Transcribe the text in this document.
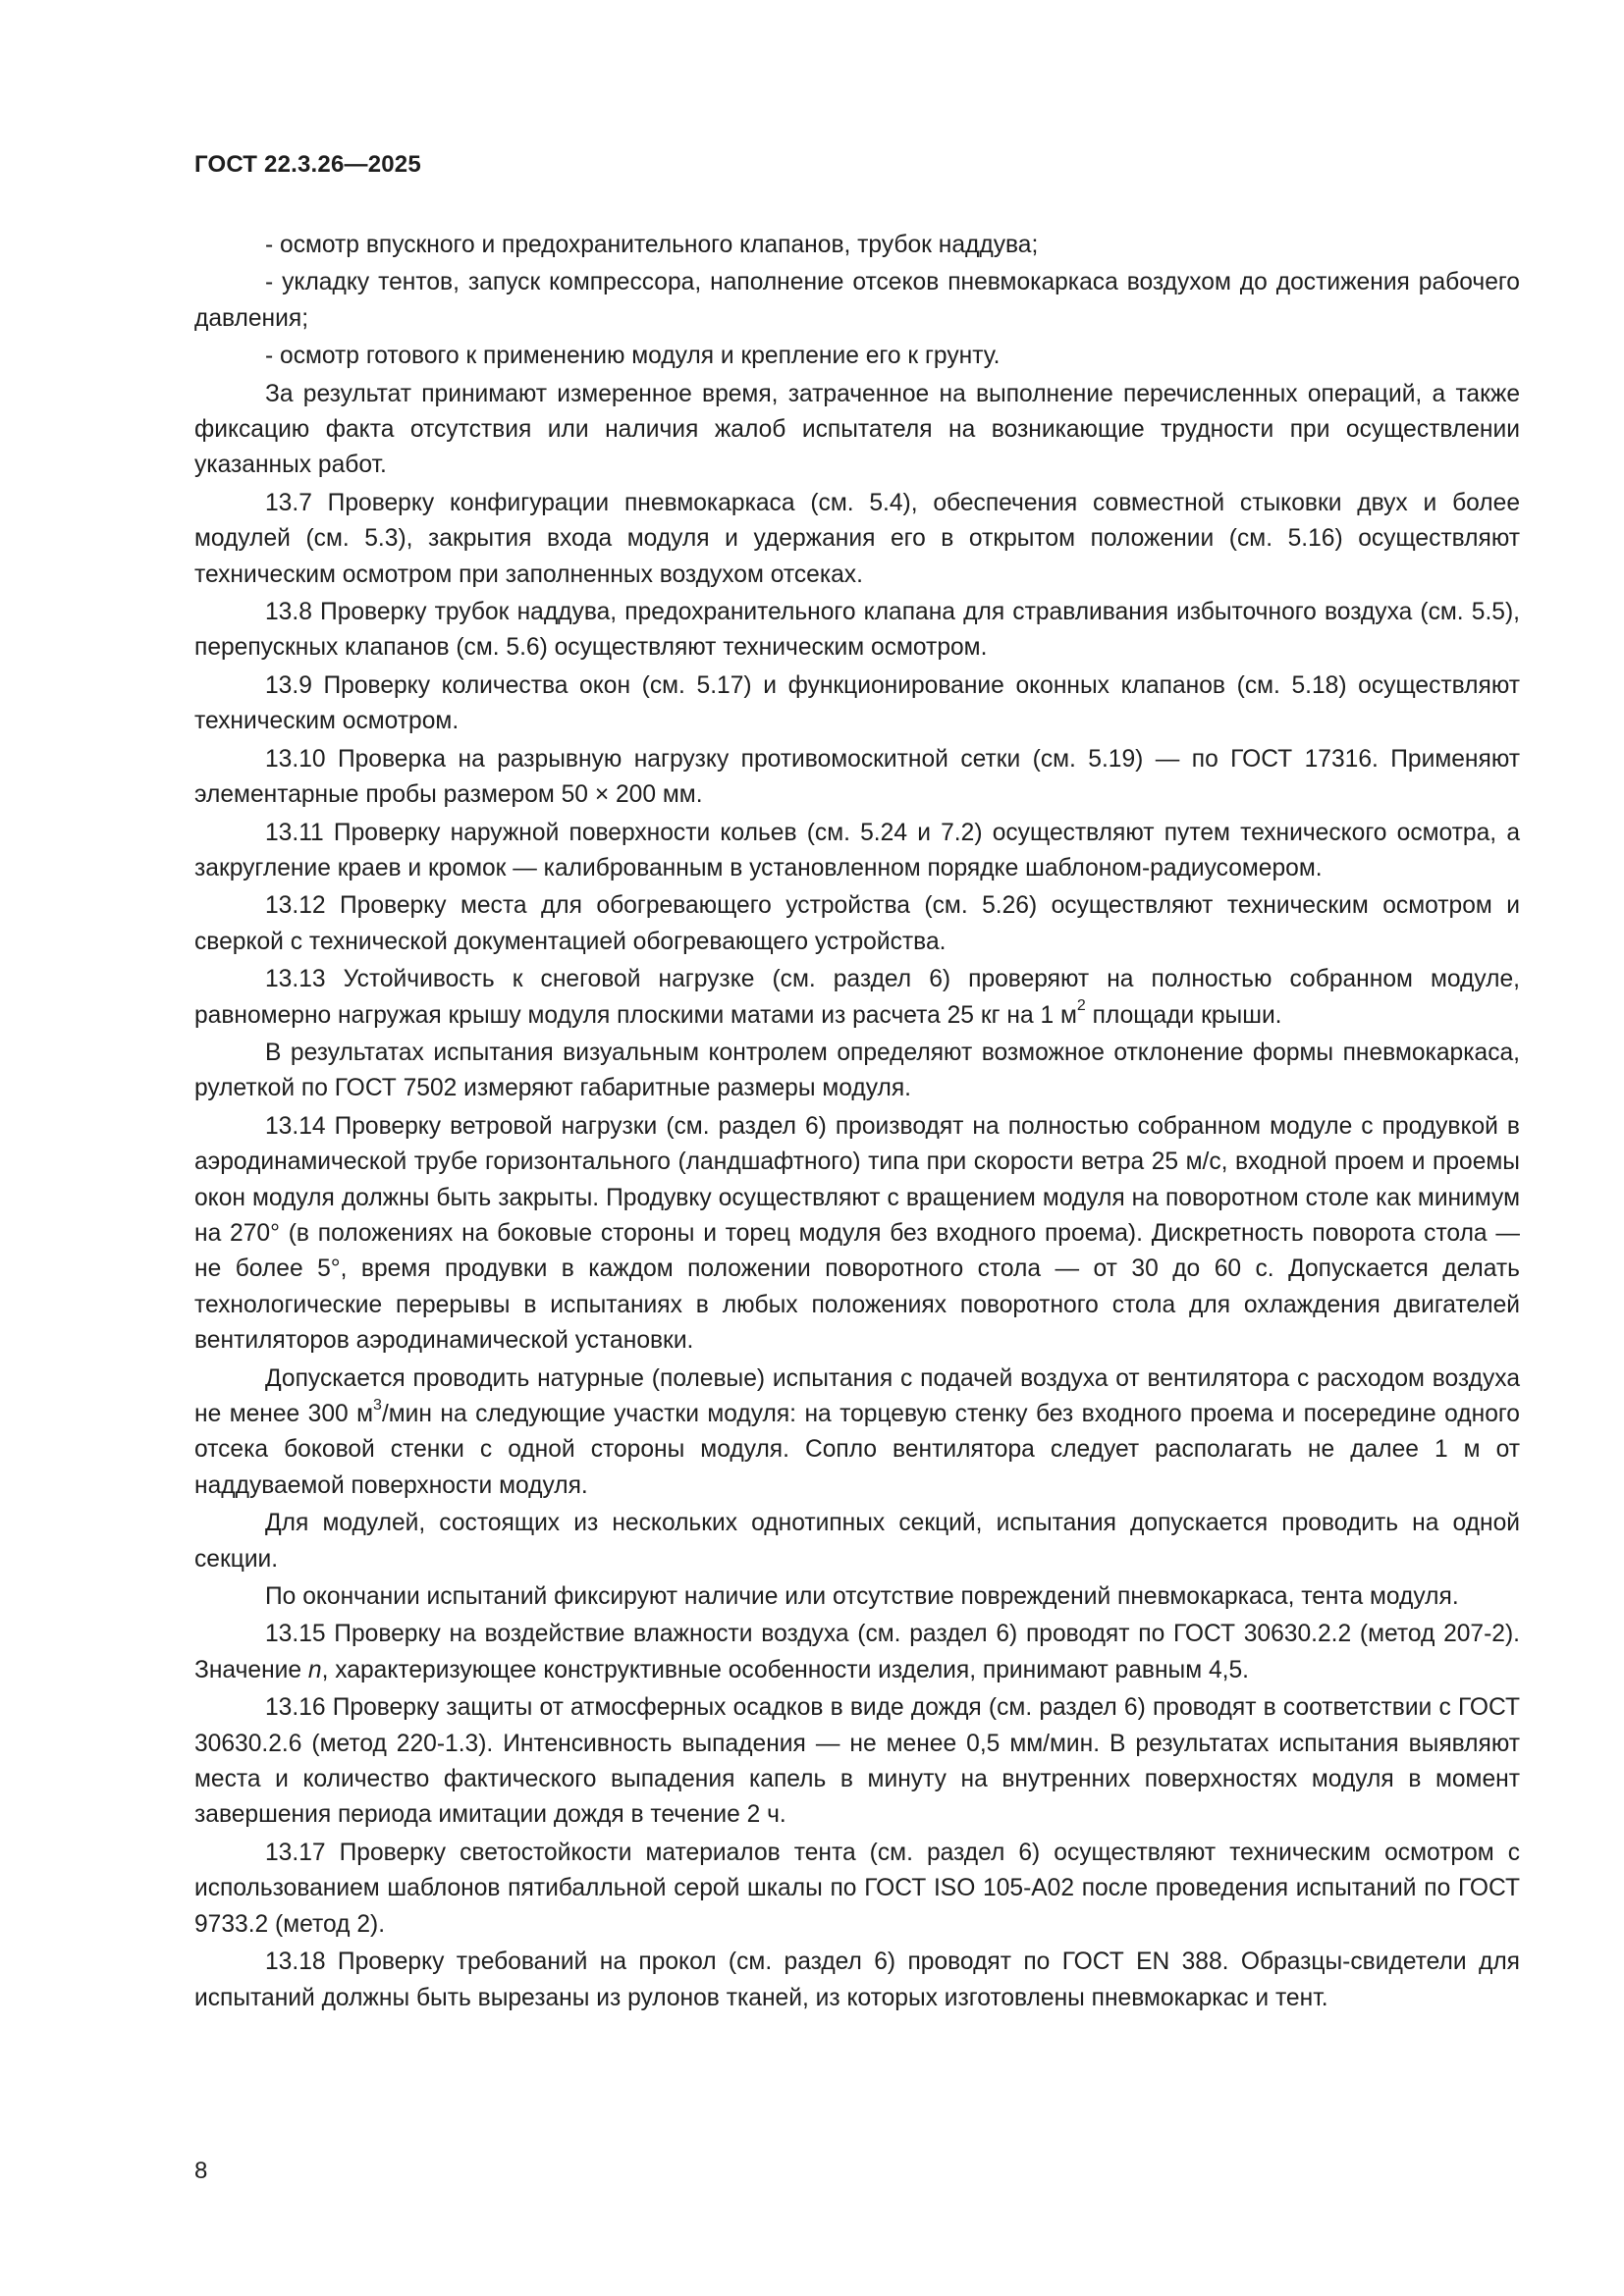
ГОСТ 22.3.26—2025

- осмотр впускного и предохранительного клапанов, трубок наддува;

- укладку тентов, запуск компрессора, наполнение отсеков пневмокаркаса воздухом до достижения рабочего давления;

- осмотр готового к применению модуля и крепление его к грунту.

За результат принимают измеренное время, затраченное на выполнение перечисленных операций, а также фиксацию факта отсутствия или наличия жалоб испытателя на возникающие трудности при осуществлении указанных работ.

13.7 Проверку конфигурации пневмокаркаса (см. 5.4), обеспечения совместной стыковки двух и более модулей (см. 5.3), закрытия входа модуля и удержания его в открытом положении (см. 5.16) осуществляют техническим осмотром при заполненных воздухом отсеках.

13.8 Проверку трубок наддува, предохранительного клапана для стравливания избыточного воздуха (см. 5.5), перепускных клапанов (см. 5.6) осуществляют техническим осмотром.

13.9 Проверку количества окон (см. 5.17) и функционирование оконных клапанов (см. 5.18) осуществляют техническим осмотром.

13.10 Проверка на разрывную нагрузку противомоскитной сетки (см. 5.19) — по ГОСТ 17316. Применяют элементарные пробы размером 50 × 200 мм.

13.11 Проверку наружной поверхности кольев (см. 5.24 и 7.2) осуществляют путем технического осмотра, а закругление краев и кромок — калиброванным в установленном порядке шаблоном-радиусомером.

13.12 Проверку места для обогревающего устройства (см. 5.26) осуществляют техническим осмотром и сверкой с технической документацией обогревающего устройства.

13.13 Устойчивость к снеговой нагрузке (см. раздел 6) проверяют на полностью собранном модуле, равномерно нагружая крышу модуля плоскими матами из расчета 25 кг на 1 $м^2$ площади крыши.

В результатах испытания визуальным контролем определяют возможное отклонение формы пневмокаркаса, рулеткой по ГОСТ 7502 измеряют габаритные размеры модуля.

13.14 Проверку ветровой нагрузки (см. раздел 6) производят на полностью собранном модуле с продувкой в аэродинамической трубе горизонтального (ландшафтного) типа при скорости ветра 25 м/с, входной проем и проемы окон модуля должны быть закрыты. Продувку осуществляют с вращением модуля на поворотном столе как минимум на 270° (в положениях на боковые стороны и торец модуля без входного проема). Дискретность поворота стола — не более 5°, время продувки в каждом положении поворотного стола — от 30 до 60 с. Допускается делать технологические перерывы в испытаниях в любых положениях поворотного стола для охлаждения двигателей вентиляторов аэродинамической установки.

Допускается проводить натурные (полевые) испытания с подачей воздуха от вентилятора с расходом воздуха не менее 300 $м^3$/мин на следующие участки модуля: на торцевую стенку без входного проема и посередине одного отсека боковой стенки с одной стороны модуля. Сопло вентилятора следует располагать не далее 1 м от наддуваемой поверхности модуля.

Для модулей, состоящих из нескольких однотипных секций, испытания допускается проводить на одной секции.

По окончании испытаний фиксируют наличие или отсутствие повреждений пневмокаркаса, тента модуля.

13.15 Проверку на воздействие влажности воздуха (см. раздел 6) проводят по ГОСТ 30630.2.2 (метод 207-2). Значение n, характеризующее конструктивные особенности изделия, принимают равным 4,5.

13.16 Проверку защиты от атмосферных осадков в виде дождя (см. раздел 6) проводят в соответствии с ГОСТ 30630.2.6 (метод 220-1.3). Интенсивность выпадения — не менее 0,5 мм/мин. В результатах испытания выявляют места и количество фактического выпадения капель в минуту на внутренних поверхностях модуля в момент завершения периода имитации дождя в течение 2 ч.

13.17 Проверку светостойкости материалов тента (см. раздел 6) осуществляют техническим осмотром с использованием шаблонов пятибалльной серой шкалы по ГОСТ ISO 105-A02 после проведения испытаний по ГОСТ 9733.2 (метод 2).

13.18 Проверку требований на прокол (см. раздел 6) проводят по ГОСТ EN 388. Образцы-свидетели для испытаний должны быть вырезаны из рулонов тканей, из которых изготовлены пневмокаркас и тент.

8
